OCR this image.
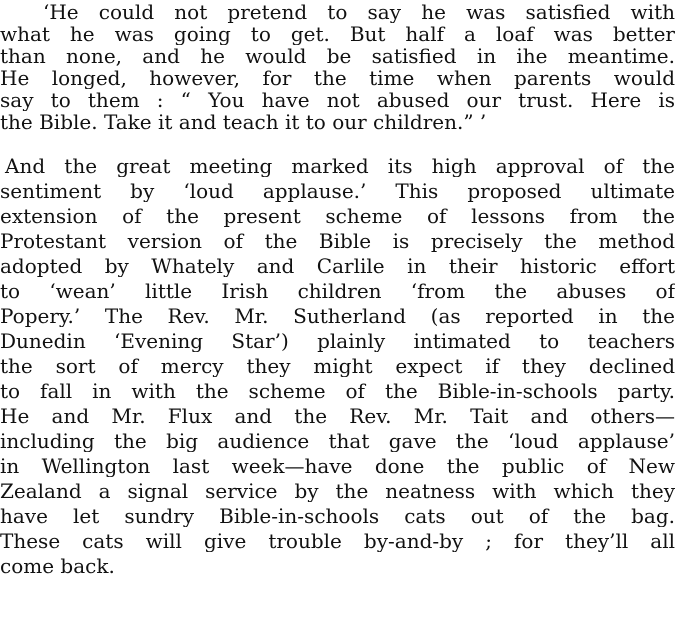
‘He could not pretend to say he was satisfied with
what he was going to get. But half a loaf was better
than none, and he would be satisfied in ihe meantime.
He longed, however, for the time when parents would
say to them : “ You have not abused our trust. Here is
the Bible. Take it and teach it to our children.” ’
And the great meeting marked its high approval of the
sentiment by ‘loud applause.’ This proposed ultimate
extension of the present scheme of lessons from the
Protestant version of the Bible is precisely the method
adopted by Whately and Carlile in their historic effort
to ‘wean’ little Irish children ‘from the abuses of
Popery.’ The Rev. Mr. Sutherland (as reported in the
Dunedin ‘Evening Star’) plainly intimated to teachers
the sort of mercy they might expect if they declined
to fall in with the scheme of the Bible-in-schools party.
He and Mr. Flux and the Rev. Mr. Tait and others—
including the big audience that gave the ‘loud applause’
in Wellington last week—have done the public of New
Zealand a signal service by the neatness with which they
have let sundry Bible-in-schools cats out of the bag.
These cats will give trouble by-and-by ; for they’ll all
come back.
